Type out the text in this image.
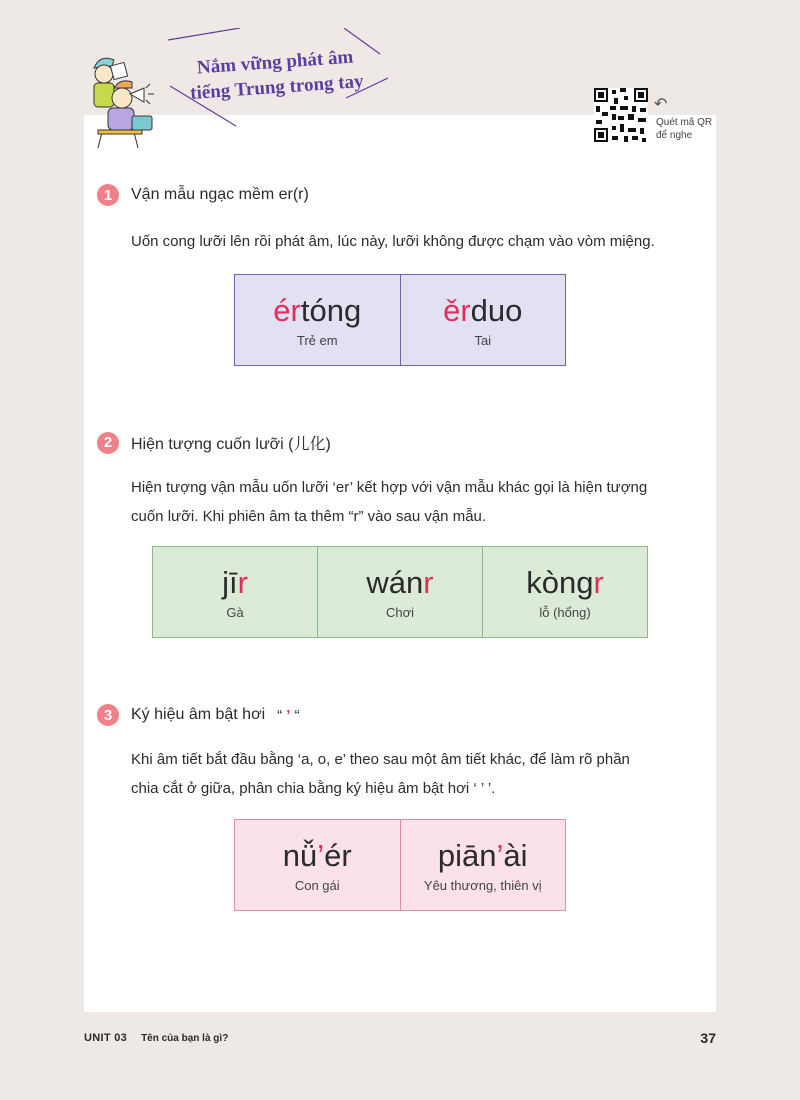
Nắm vững phát âm
tiếng Trung trong tay
↶
Quét mã QR
để nghe
1	Vận mẫu ngạc mềm er(r)
Uốn cong lưỡi lên rồi phát âm, lúc này, lưỡi không được chạm vào vòm miệng.
értóng
Trẻ em
ěrduo
Tai
2	Hiện tượng cuốn lưỡi (儿化)
Hiện tượng vận mẫu uốn lưỡi ‘er’ kết hợp với vận mẫu khác gọi là hiện tượng
cuốn lưỡi. Khi phiên âm ta thêm “r” vào sau vận mẫu.
jīr
Gà
wánr
Chơi
kòngr
lỗ (hổng)
3	Ký hiệu âm bật hơi “ ’ “
Khi âm tiết bắt đầu bằng ‘a, o, e’ theo sau một âm tiết khác, để làm rõ phần
chia cắt ở giữa, phân chia bằng ký hiệu âm bật hơi ‘ ’ ’.
nǚ’ér
Con gái
piān’ài
Yêu thương, thiên vị
UNIT 03 Tên của bạn là gì?	37
